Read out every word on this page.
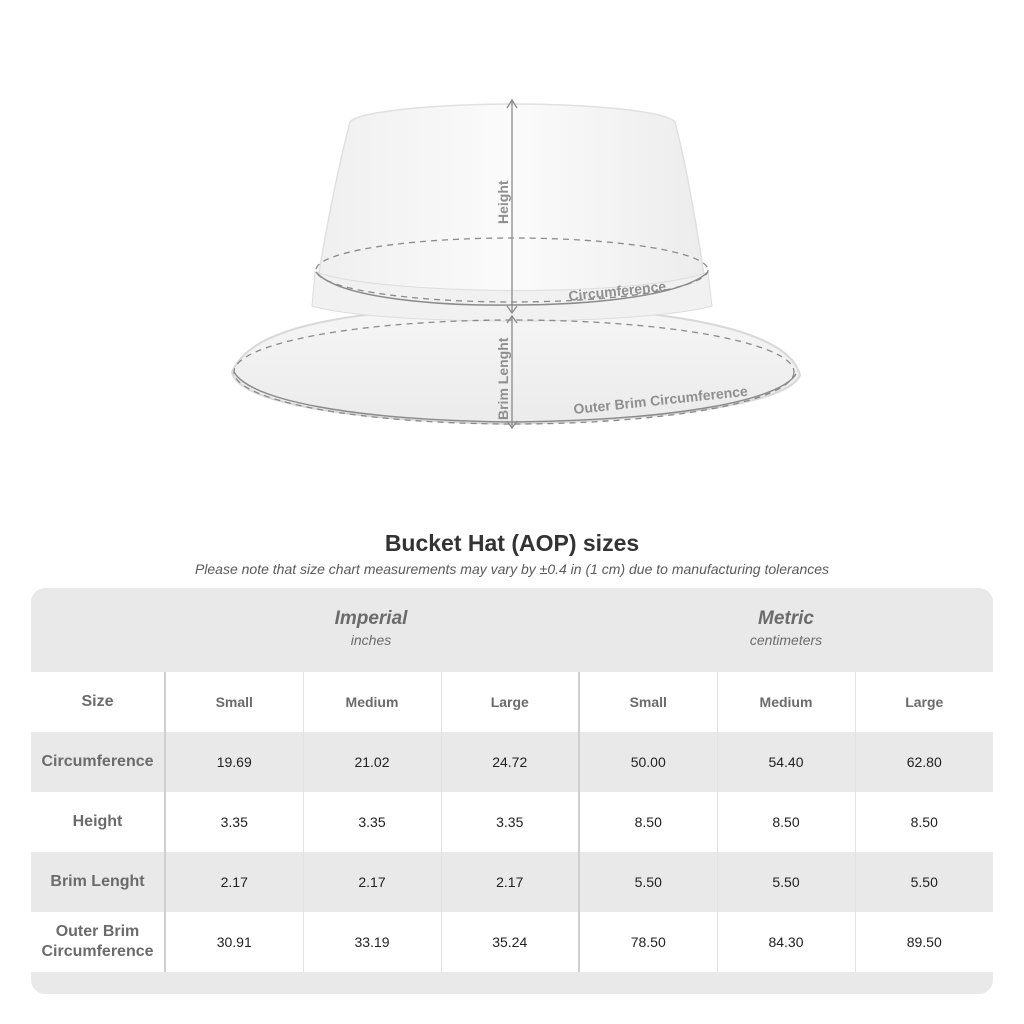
Height
Brim Lenght
Circumference
Outer Brim Circumference
Bucket Hat (AOP) sizes

Please note that size chart measurements may vary by ±0.4 in (1 cm) due to manufacturing tolerances

Imperial
inches
Metric
centimeters
Size	Small	Medium	Large	Small	Medium	Large
Circumference	19.69	21.02	24.72	50.00	54.40	62.80
Height	3.35	3.35	3.35	8.50	8.50	8.50
Brim Lenght	2.17	2.17	2.17	5.50	5.50	5.50
Outer Brim Circumference	30.91	33.19	35.24	78.50	84.30	89.50
